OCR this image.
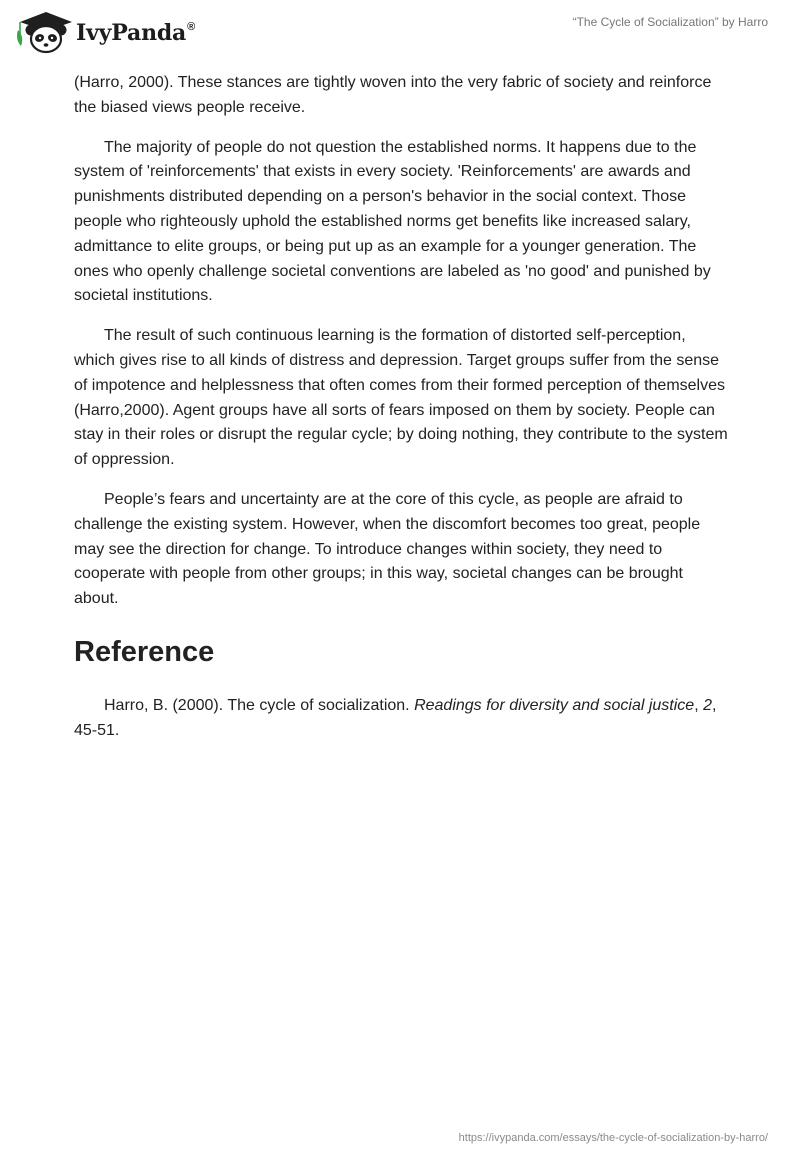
IvyPanda®	“The Cycle of Socialization” by Harro

(Harro, 2000). These stances are tightly woven into the very fabric of society and reinforce the biased views people receive.

The majority of people do not question the established norms. It happens due to the system of 'reinforcements' that exists in every society. 'Reinforcements' are awards and punishments distributed depending on a person's behavior in the social context. Those people who righteously uphold the established norms get benefits like increased salary, admittance to elite groups, or being put up as an example for a younger generation. The ones who openly challenge societal conventions are labeled as 'no good' and punished by societal institutions.

The result of such continuous learning is the formation of distorted self-perception, which gives rise to all kinds of distress and depression. Target groups suffer from the sense of impotence and helplessness that often comes from their formed perception of themselves (Harro,2000). Agent groups have all sorts of fears imposed on them by society. People can stay in their roles or disrupt the regular cycle; by doing nothing, they contribute to the system of oppression.

People’s fears and uncertainty are at the core of this cycle, as people are afraid to challenge the existing system. However, when the discomfort becomes too great, people may see the direction for change. To introduce changes within society, they need to cooperate with people from other groups; in this way, societal changes can be brought about.

Reference

Harro, B. (2000). The cycle of socialization. Readings for diversity and social justice, 2, 45-51.

https://ivypanda.com/essays/the-cycle-of-socialization-by-harro/
